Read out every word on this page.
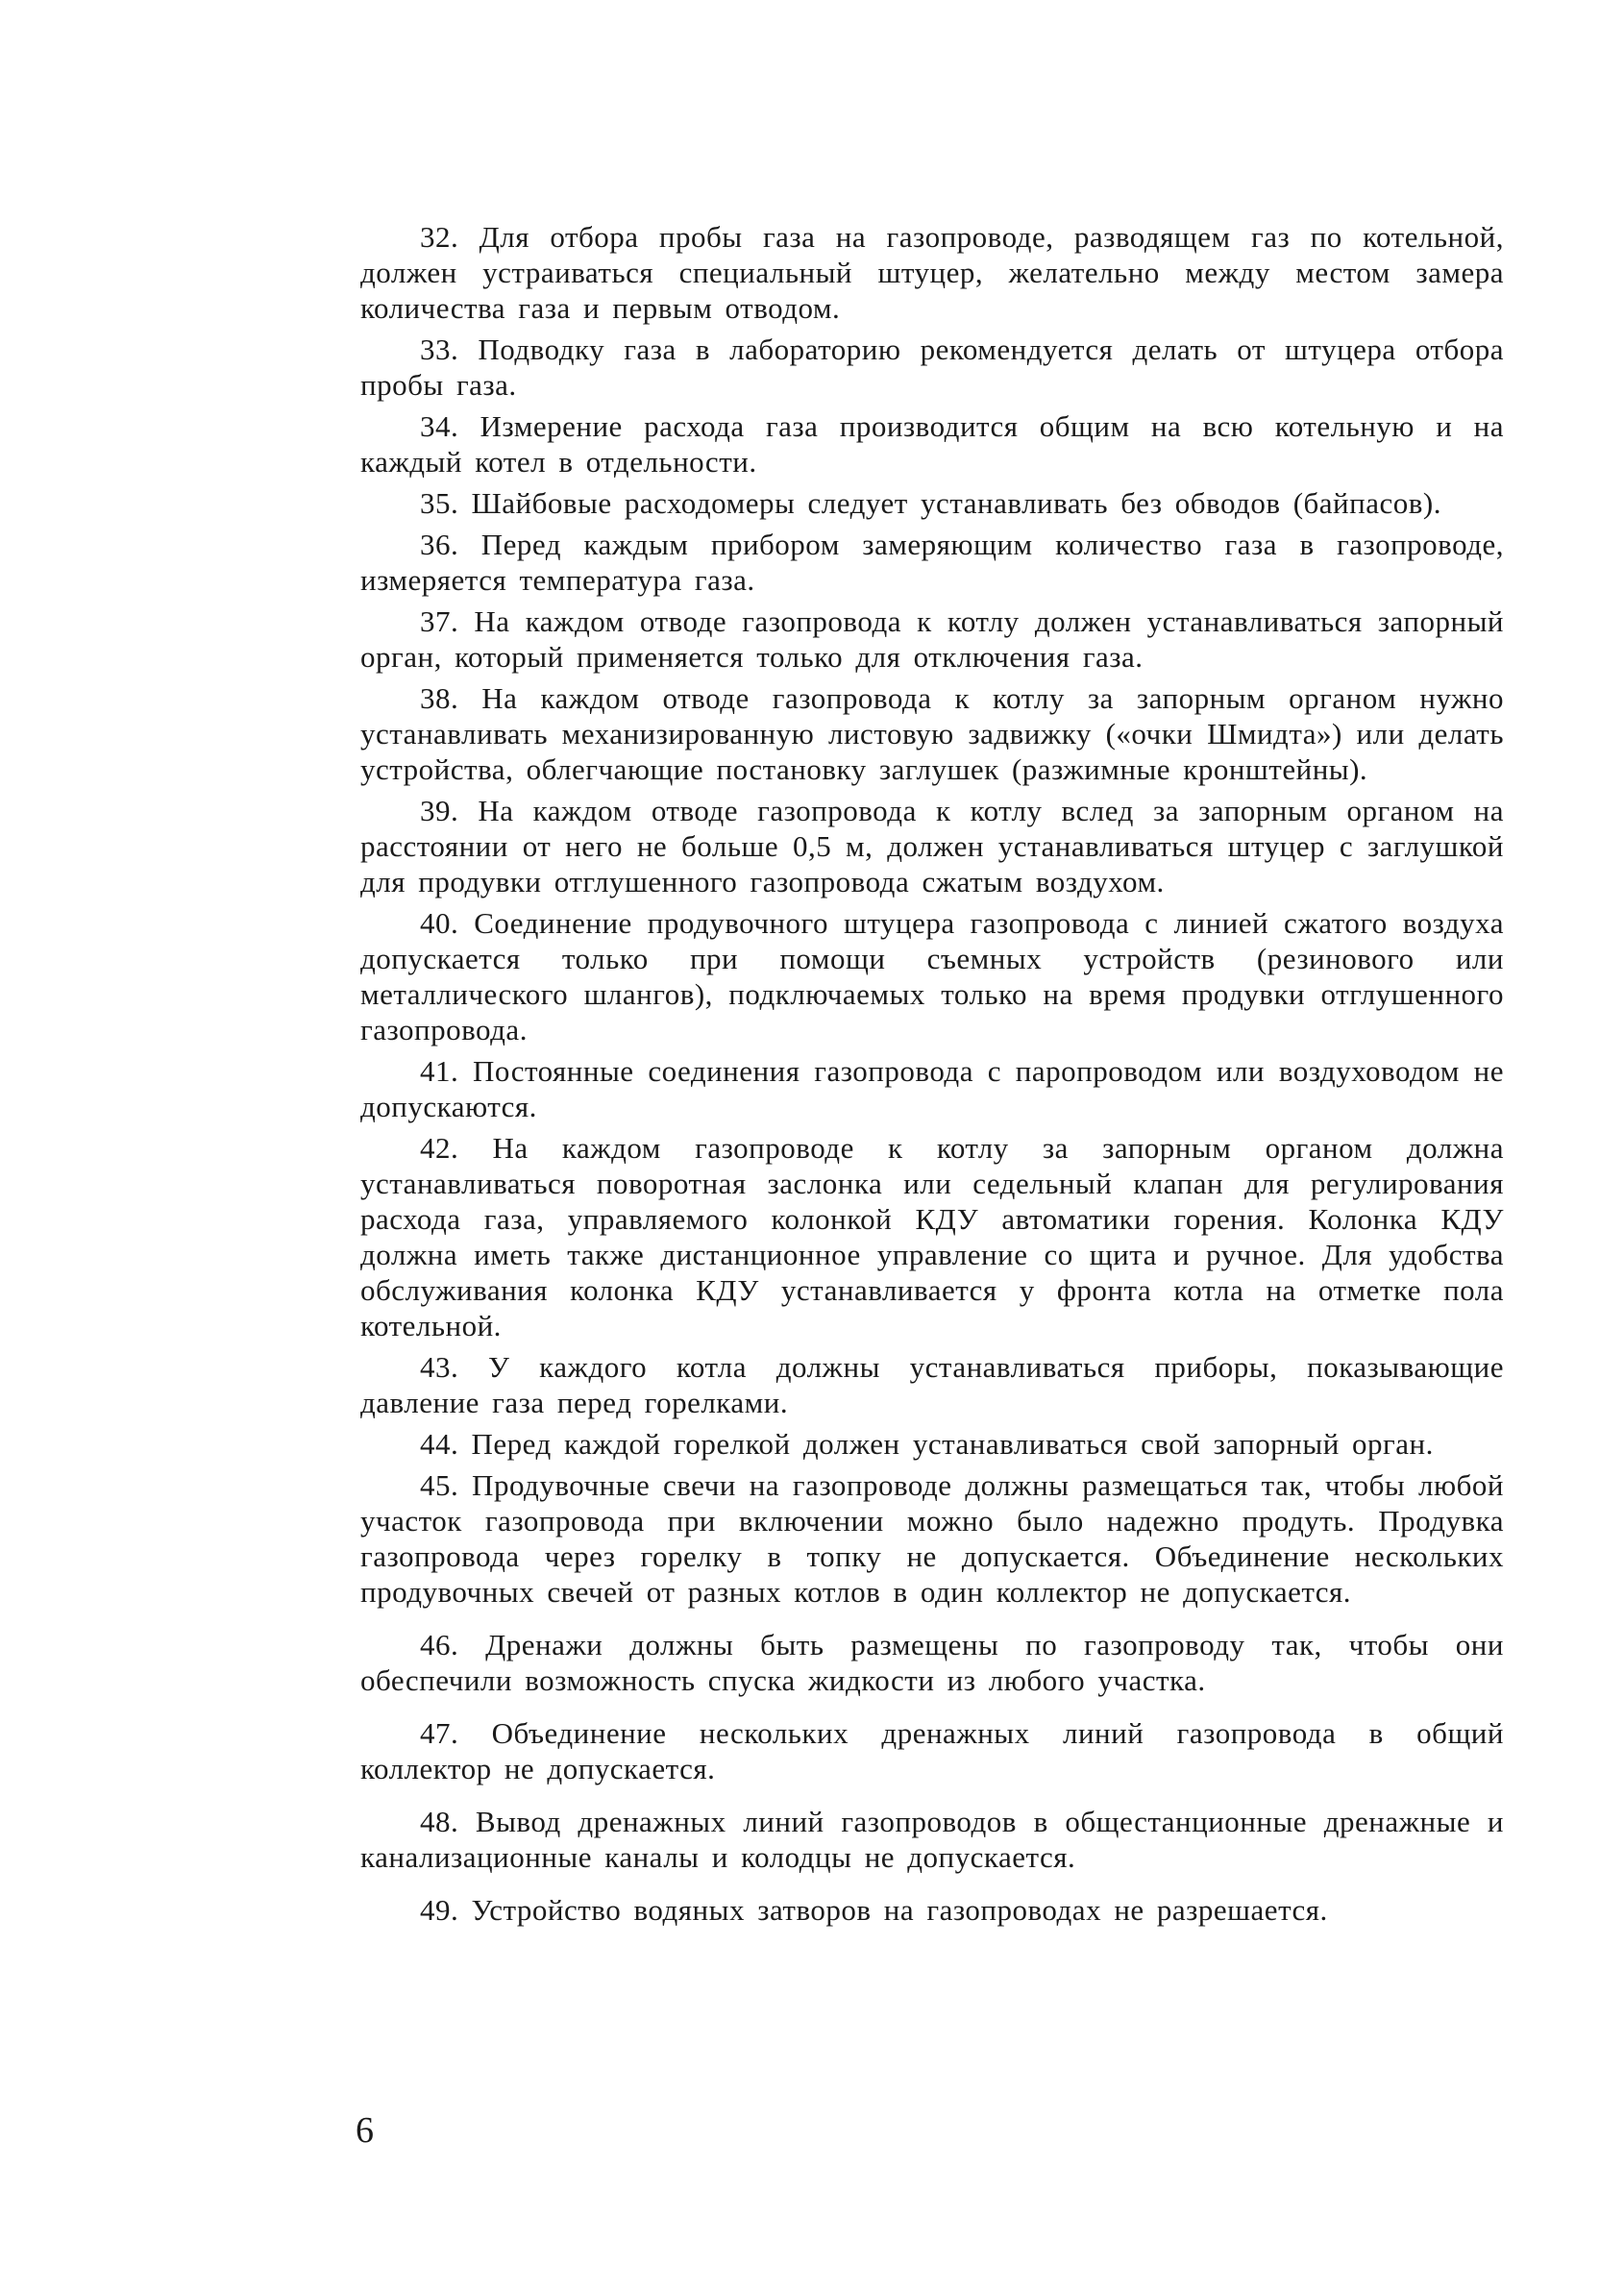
32. Для отбора пробы газа на газопроводе, разводящем газ по котельной, должен устраиваться специальный штуцер, желательно между местом замера количества газа и первым отводом.

33. Подводку газа в лабораторию рекомендуется делать от штуцера отбора пробы газа.

34. Измерение расхода газа производится общим на всю котельную и на каждый котел в отдельности.

35. Шайбовые расходомеры следует устанавливать без обводов (байпасов).

36. Перед каждым прибором замеряющим количество газа в газопроводе, измеряется температура газа.

37. На каждом отводе газопровода к котлу должен устанавливаться запорный орган, который применяется только для отключения газа.

38. На каждом отводе газопровода к котлу за запорным органом нужно устанавливать механизированную листовую задвижку («очки Шмидта») или делать устройства, облегчающие постановку заглушек (разжимные кронштейны).

39. На каждом отводе газопровода к котлу вслед за запорным органом на расстоянии от него не больше 0,5 м, должен устанавливаться штуцер с заглушкой для продувки отглушенного газопровода сжатым воздухом.

40. Соединение продувочного штуцера газопровода с линией сжатого воздуха допускается только при помощи съемных устройств (резинового или металлического шлангов), подключаемых только на время продувки отглушенного газопровода.

41. Постоянные соединения газопровода с паропроводом или воздуховодом не допускаются.

42. На каждом газопроводе к котлу за запорным органом должна устанавливаться поворотная заслонка или седельный клапан для регулирования расхода газа, управляемого колонкой КДУ автоматики горения. Колонка КДУ должна иметь также дистанционное управление со щита и ручное. Для удобства обслуживания колонка КДУ устанавливается у фронта котла на отметке пола котельной.

43. У каждого котла должны устанавливаться приборы, показывающие давление газа перед горелками.

44. Перед каждой горелкой должен устанавливаться свой запорный орган.

45. Продувочные свечи на газопроводе должны размещаться так, чтобы любой участок газопровода при включении можно было надежно продуть. Продувка газопровода через горелку в топку не допускается. Объединение нескольких продувочных свечей от разных котлов в один коллектор не допускается.

46. Дренажи должны быть размещены по газопроводу так, чтобы они обеспечили возможность спуска жидкости из любого участка.

47. Объединение нескольких дренажных линий газопровода в общий коллектор не допускается.

48. Вывод дренажных линий газопроводов в общестанционные дренажные и канализационные каналы и колодцы не допускается.

49. Устройство водяных затворов на газопроводах не разрешается.

6
